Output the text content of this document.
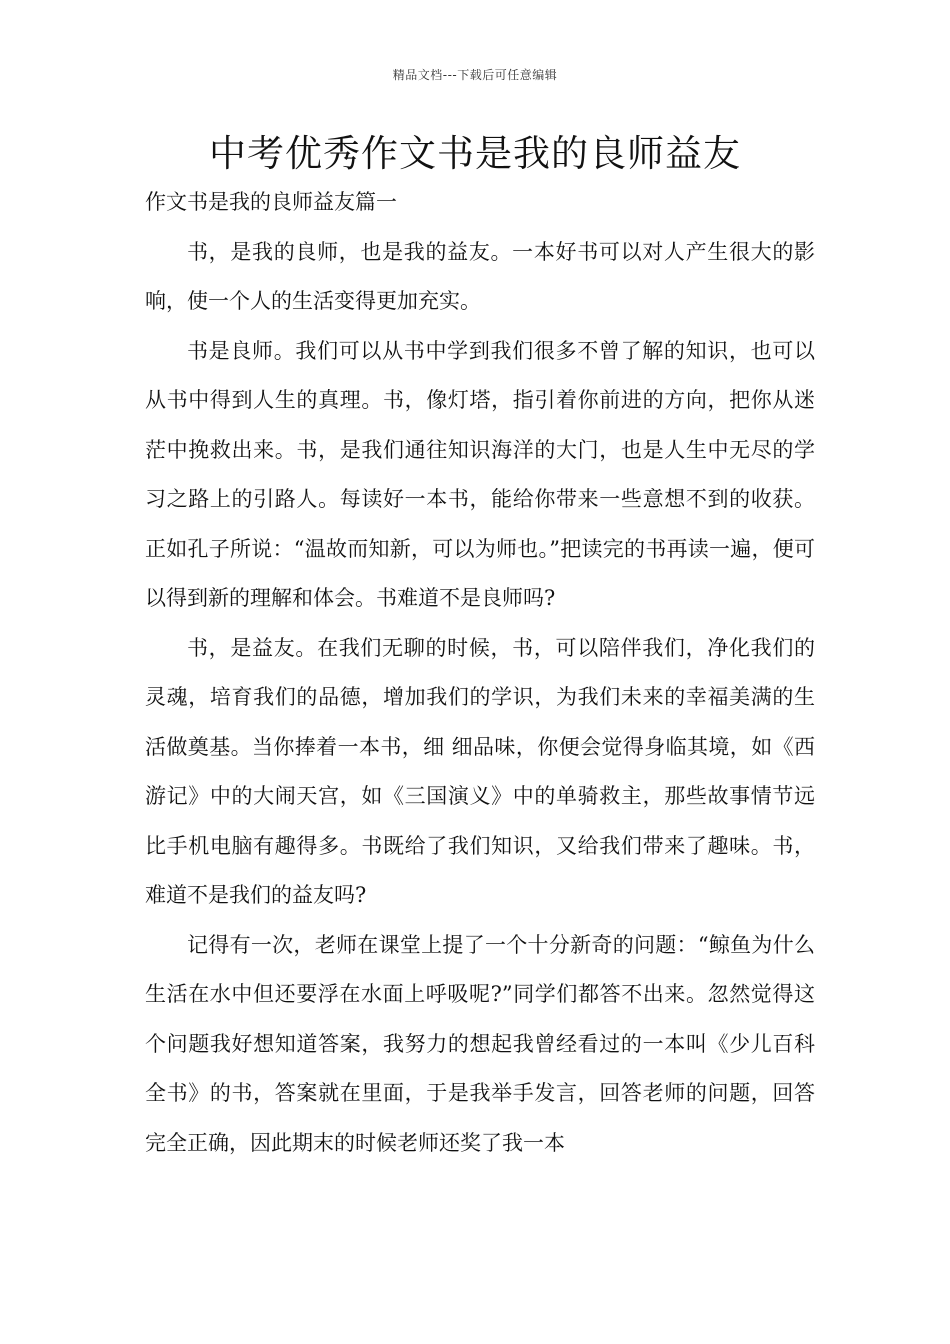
精品文档---下载后可任意编辑
中考优秀作文书是我的良师益友

作文书是我的良师益友篇一

书，是我的良师，也是我的益友。一本好书可以对人产生很大的影响，使一个人的生活变得更加充实。

书是良师。我们可以从书中学到我们很多不曾了解的知识，也可以从书中得到人生的真理。书，像灯塔，指引着你前进的方向，把你从迷茫中挽救出来。书，是我们通往知识海洋的大门，也是人生中无尽的学习之路上的引路人。每读好一本书，能给你带来一些意想不到的收获。正如孔子所说：“温故而知新，可以为师也。”把读完的书再读一遍，便可以得到新的理解和体会。书难道不是良师吗?

书，是益友。在我们无聊的时候，书，可以陪伴我们，净化我们的灵魂，培育我们的品德，增加我们的学识，为我们未来的幸福美满的生活做奠基。当你捧着一本书，细 细品味，你便会觉得身临其境，如《西游记》中的大闹天宫，如《三国演义》中的单骑救主，那些故事情节远比手机电脑有趣得多。书既给了我们知识，又给我们带来了趣味。书，难道不是我们的益友吗?

记得有一次，老师在课堂上提了一个十分新奇的问题：“鲸鱼为什么生活在水中但还要浮在水面上呼吸呢?”同学们都答不出来。忽然觉得这个问题我好想知道答案，我努力的想起我曾经看过的一本叫《少儿百科全书》的书，答案就在里面，于是我举手发言，回答老师的问题，回答完全正确，因此期末的时候老师还奖了我一本
